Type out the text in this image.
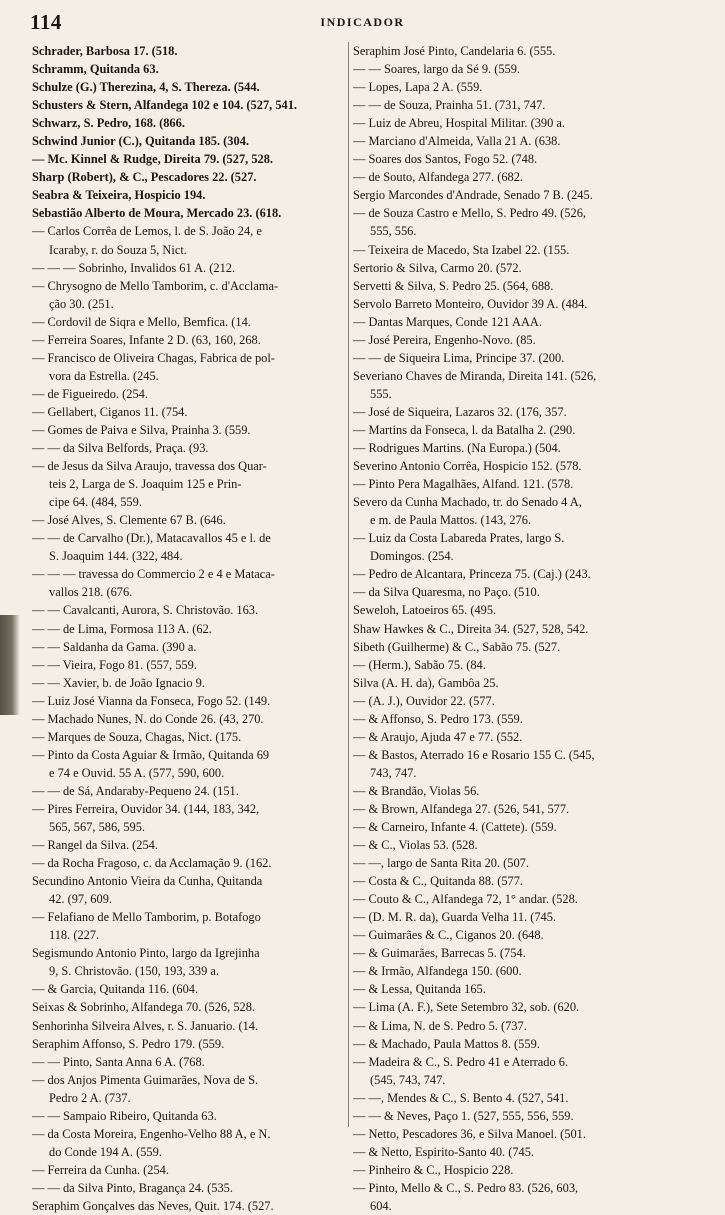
114	INDICADOR
Schrader, Barbosa 17. (518.
Schramm, Quitanda 63.
Schulze (G.) Therezina, 4, S. Thereza. (544.
Schusters & Stern, Alfandega 102 e 104. (527, 541.
Schwarz, S. Pedro, 168. (866.
Schwind Junior (C.), Quitanda 185. (304.
— Mc. Kinnel & Rudge, Direita 79. (527, 528.
Sharp (Robert), & C., Pescadores 22. (527.
Seabra & Teixeira, Hospicio 194.
Sebastião Alberto de Moura, Mercado 23. (618.
— Carlos Corrêa de Lemos, l. de S. João 24, e
Icaraby, r. do Souza 5, Nict.
— — — Sobrinho, Invalidos 61 A. (212.
— Chrysogno de Mello Tamborim, c. d'Acclama-
ção 30. (251.
— Cordovil de Siqra e Mello, Bemfica. (14.
— Ferreira Soares, Infante 2 D. (63, 160, 268.
— Francisco de Oliveira Chagas, Fabrica de pol-
vora da Estrella. (245.
— de Figueiredo. (254.
— Gellabert, Ciganos 11. (754.
— Gomes de Paiva e Silva, Prainha 3. (559.
— — da Silva Belfords, Praça. (93.
— de Jesus da Silva Araujo, travessa dos Quar-
teis 2, Larga de S. Joaquim 125 e Prin-
cipe 64. (484, 559.
— José Alves, S. Clemente 67 B. (646.
— — de Carvalho (Dr.), Matacavallos 45 e l. de
S. Joaquim 144. (322, 484.
— — — travessa do Commercio 2 e 4 e Mataca-
vallos 218. (676.
— — Cavalcanti, Aurora, S. Christovão. 163.
— — de Lima, Formosa 113 A. (62.
— — Saldanha da Gama. (390 a.
— — Vieira, Fogo 81. (557, 559.
— — Xavier, b. de João Ignacio 9.
— Luiz José Vianna da Fonseca, Fogo 52. (149.
— Machado Nunes, N. do Conde 26. (43, 270.
— Marques de Souza, Chagas, Nict. (175.
— Pinto da Costa Aguiar & Irmão, Quitanda 69
e 74 e Ouvid. 55 A. (577, 590, 600.
— — de Sá, Andaraby-Pequeno 24. (151.
— Pires Ferreira, Ouvidor 34. (144, 183, 342,
565, 567, 586, 595.
— Rangel da Silva. (254.
— da Rocha Fragoso, c. da Acclamação 9. (162.
Secundino Antonio Vieira da Cunha, Quitanda
42. (97, 609.
— Felafiano de Mello Tamborim, p. Botafogo
118. (227.
Segismundo Antonio Pinto, largo da Igrejinha
9, S. Christovão. (150, 193, 339 a.
— & Garcia, Quitanda 116. (604.
Seixas & Sobrinho, Alfandega 70. (526, 528.
Senhorinha Silveira Alves, r. S. Januario. (14.
Seraphim Affonso, S. Pedro 179. (559.
— — Pinto, Santa Anna 6 A. (768.
— dos Anjos Pimenta Guimarães, Nova de S.
Pedro 2 A. (737.
— — Sampaio Ribeiro, Quitanda 63.
— da Costa Moreira, Engenho-Velho 88 A, e N.
do Conde 194 A. (559.
— Ferreira da Cunha. (254.
— — da Silva Pinto, Bragança 24. (535.
Seraphim Gonçalves das Neves, Quit. 174. (527.
Seraphim José Pinto, Candelaria 6. (555.
— — Soares, largo da Sé 9. (559.
— Lopes, Lapa 2 A. (559.
— — de Souza, Prainha 51. (731, 747.
— Luiz de Abreu, Hospital Militar. (390 a.
— Marciano d'Almeida, Valla 21 A. (638.
— Soares dos Santos, Fogo 52. (748.
— de Souto, Alfandega 277. (682.
Sergio Marcondes d'Andrade, Senado 7 B. (245.
— de Souza Castro e Mello, S. Pedro 49. (526,
555, 556.
— Teixeira de Macedo, Sta Izabel 22. (155.
Sertorio & Silva, Carmo 20. (572.
Servetti & Silva, S. Pedro 25. (564, 688.
Servolo Barreto Monteiro, Ouvidor 39 A. (484.
— Dantas Marques, Conde 121 AAA.
— José Pereira, Engenho-Novo. (85.
— — de Siqueira Lima, Principe 37. (200.
Severiano Chaves de Miranda, Direita 141. (526,
555.
— José de Siqueira, Lazaros 32. (176, 357.
— Martins da Fonseca, l. da Batalha 2. (290.
— Rodrigues Martins. (Na Europa.) (504.
Severino Antonio Corrêa, Hospicio 152. (578.
— Pinto Pera Magalhães, Alfand. 121. (578.
Severo da Cunha Machado, tr. do Senado 4 A,
e m. de Paula Mattos. (143, 276.
— Luiz da Costa Labareda Prates, largo S.
Domingos. (254.
— Pedro de Alcantara, Princeza 75. (Caj.) (243.
— da Silva Quaresma, no Paço. (510.
Seweloh, Latoeiros 65. (495.
Shaw Hawkes & C., Direita 34. (527, 528, 542.
Sibeth (Guilherme) & C., Sabão 75. (527.
— (Herm.), Sabão 75. (84.
Silva (A. H. da), Gambôa 25.
— (A. J.), Ouvidor 22. (577.
— & Affonso, S. Pedro 173. (559.
— & Araujo, Ajuda 47 e 77. (552.
— & Bastos, Aterrado 16 e Rosario 155 C. (545,
743, 747.
— & Brandão, Violas 56.
— & Brown, Alfandega 27. (526, 541, 577.
— & Carneiro, Infante 4. (Cattete). (559.
— & C., Violas 53. (528.
— —, largo de Santa Rita 20. (507.
— Costa & C., Quitanda 88. (577.
— Couto & C., Alfandega 72, 1° andar. (528.
— (D. M. R. da), Guarda Velha 11. (745.
— Guimarães & C., Ciganos 20. (648.
— & Guimarães, Barrecas 5. (754.
— & Irmão, Alfandega 150. (600.
— & Lessa, Quitanda 165.
— Lima (A. F.), Sete Setembro 32, sob. (620.
— & Lima, N. de S. Pedro 5. (737.
— & Machado, Paula Mattos 8. (559.
— Madeira & C., S. Pedro 41 e Aterrado 6.
(545, 743, 747.
— —, Mendes & C., S. Bento 4. (527, 541.
— — & Neves, Paço 1. (527, 555, 556, 559.
— Netto, Pescadores 36, e Silva Manoel. (501.
— & Netto, Espirito-Santo 40. (745.
— Pinheiro & C., Hospicio 228.
— Pinto, Mello & C., S. Pedro 83. (526, 603,
604.
